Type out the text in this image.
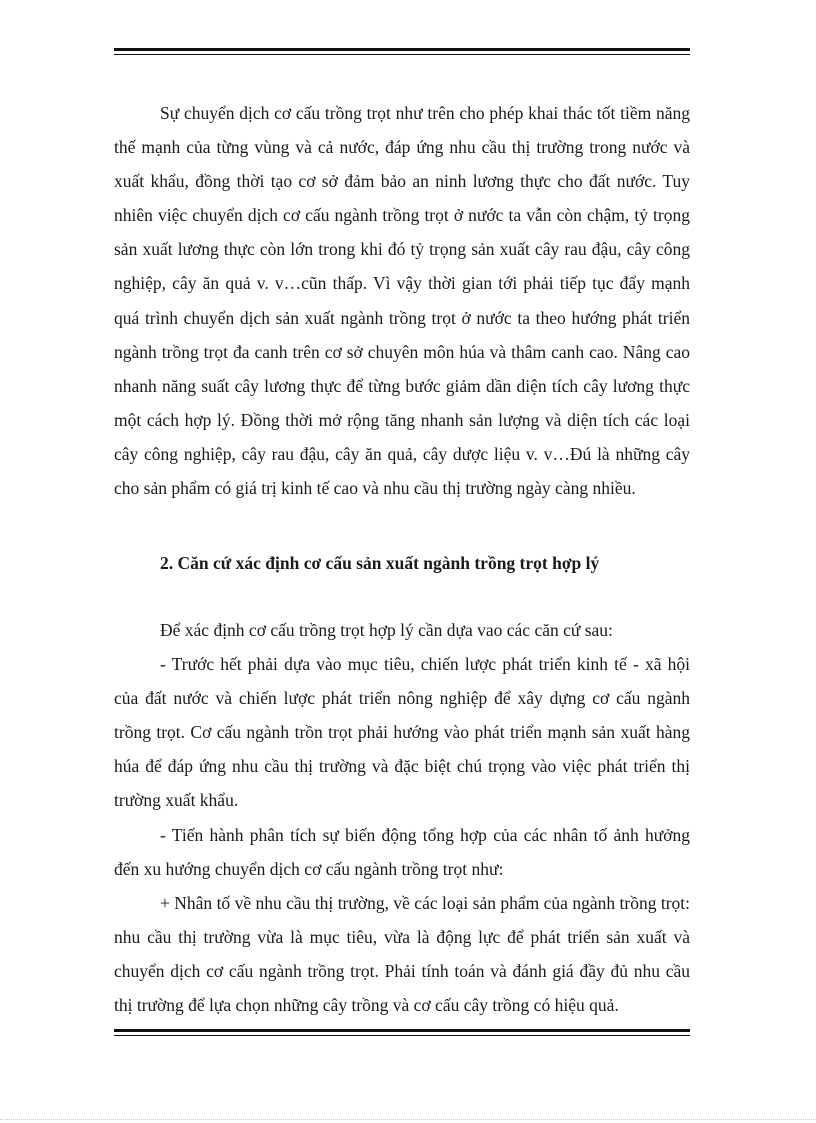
Sự chuyển dịch cơ cấu trồng trọt như trên cho phép khai thác tốt tiềm năng thế mạnh của từng vùng và cả nước, đáp ứng nhu cầu thị trường trong nước và xuất khẩu, đồng thời tạo cơ sở đảm bảo an ninh lương thực cho đất nước. Tuy nhiên việc chuyển dịch cơ cấu ngành trồng trọt ở nước ta vẫn còn chậm, tỷ trọng sản xuất lương thực còn lớn trong khi đó tỷ trọng sản xuất cây rau đậu, cây công nghiệp, cây ăn quả v. v…cũn thấp. Vì vậy thời gian tới phải tiếp tục đẩy mạnh quá trình chuyển dịch sản xuất ngành trồng trọt ở nước ta theo hướng phát triển ngành trồng trọt đa canh trên cơ sở chuyên môn húa và thâm canh cao. Nâng cao nhanh năng suất cây lương thực để từng bước giảm dần diện tích cây lương thực một cách hợp lý. Đồng thời mở rộng tăng nhanh sản lượng và diện tích các loại cây công nghiệp, cây rau đậu, cây ăn quả, cây dược liệu v. v…Đú là những cây cho sản phẩm có giá trị kinh tế cao và nhu cầu thị trường ngày càng nhiều.

2. Căn cứ xác định cơ cấu sản xuất ngành trồng trọt hợp lý

Để xác định cơ cấu trồng trọt hợp lý cần dựa vao các căn cứ sau:

- Trước hết phải dựa vào mục tiêu, chiến lược phát triển kinh tế - xã hội của đất nước và chiến lược phát triển nông nghiệp để xây dựng cơ cấu ngành trồng trọt. Cơ cấu ngành trồn trọt phải hướng vào phát triển mạnh sản xuất hàng húa để đáp ứng nhu cầu thị trường và đặc biệt chú trọng vào việc phát triển thị trường xuất khẩu.

- Tiến hành phân tích sự biến động tổng hợp của các nhân tố ảnh hưởng đến xu hướng chuyển dịch cơ cấu ngành trồng trọt như:

+ Nhân tố về nhu cầu thị trường, về các loại sản phẩm của ngành trồng trọt: nhu cầu thị trường vừa là mục tiêu, vừa là động lực để phát triển sản xuất và chuyển dịch cơ cấu ngành trồng trọt. Phải tính toán và đánh giá đầy đủ nhu cầu thị trường để lựa chọn những cây trồng và cơ cấu cây trồng có hiệu quả.
